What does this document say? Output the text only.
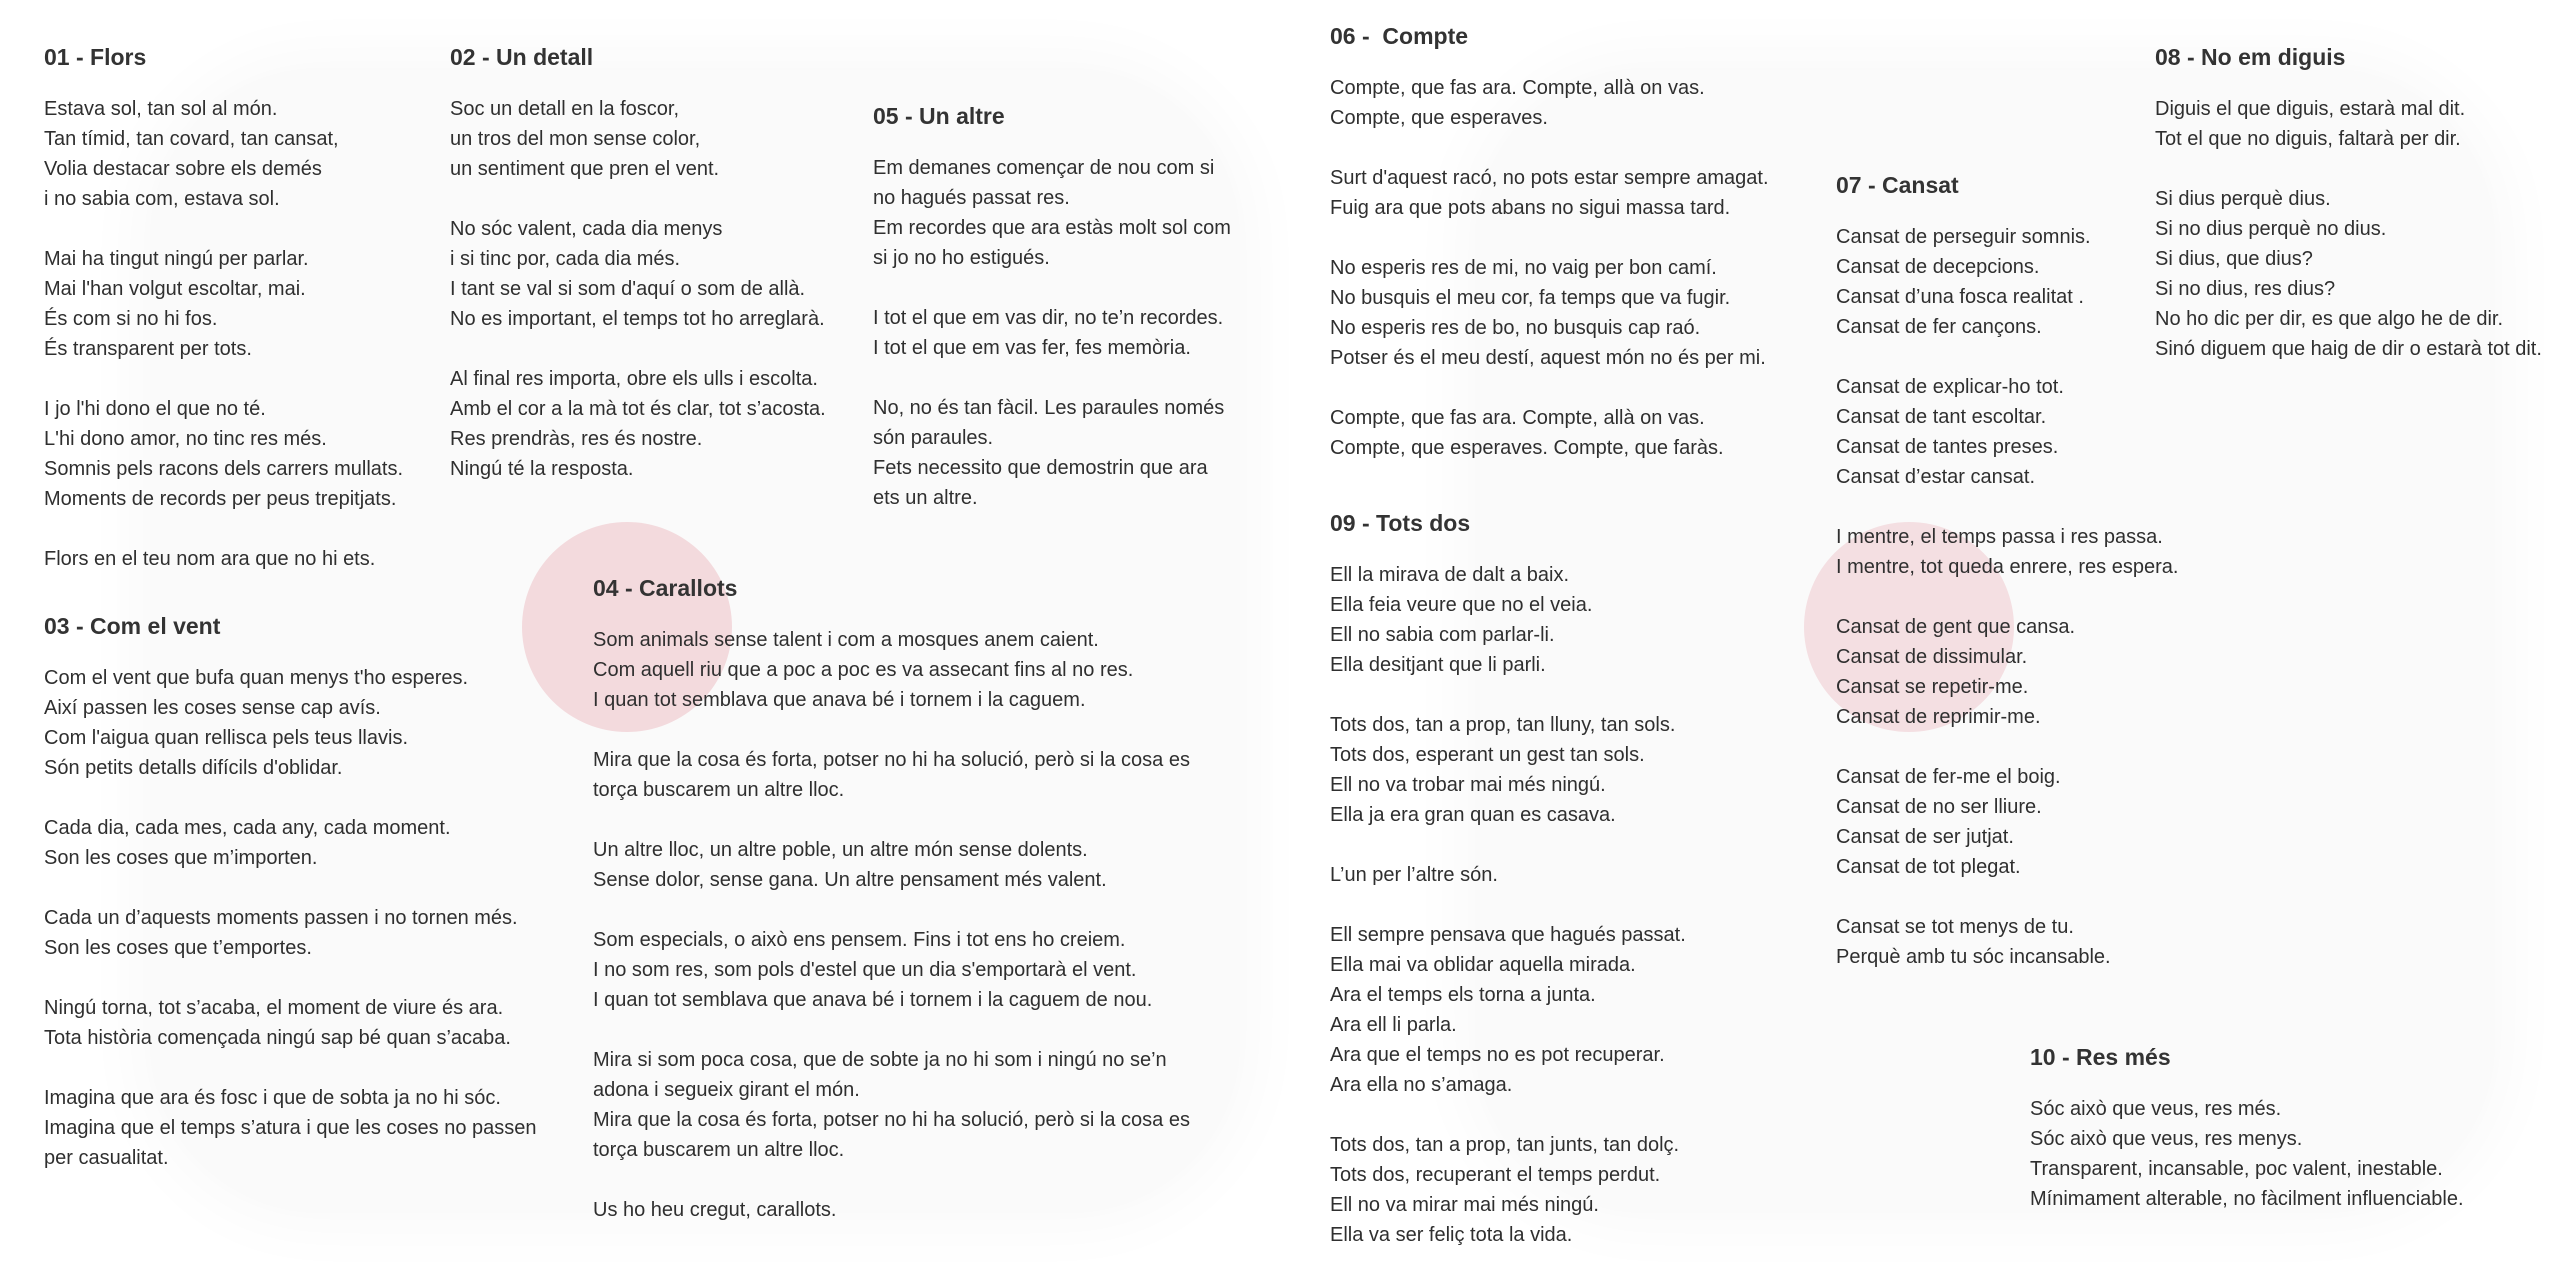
01 - Flors
Estava sol, tan sol al món.
Tan tímid, tan covard, tan cansat,
Volia destacar sobre els demés
i no sabia com, estava sol.
Mai ha tingut ningú per parlar.
Mai l'han volgut escoltar, mai.
És com si no hi fos.
És transparent per tots.
I jo l'hi dono el que no té.
L'hi dono amor, no tinc res més.
Somnis pels racons dels carrers mullats.
Moments de records per peus trepitjats.
Flors en el teu nom ara que no hi ets.
02 - Un detall
Soc un detall en la foscor,
un tros del mon sense color,
un sentiment que pren el vent.
No sóc valent, cada dia menys
i si tinc por, cada dia més.
I tant se val si som d'aquí o som de allà.
No es important, el temps tot ho arreglarà.
Al final res importa, obre els ulls i escolta.
Amb el cor a la mà tot és clar, tot s’acosta.
Res prendràs, res és nostre.
Ningú té la resposta.
03 - Com el vent
Com el vent que bufa quan menys t'ho esperes.
Així passen les coses sense cap avís.
Com l'aigua quan rellisca pels teus llavis.
Són petits detalls difícils d'oblidar.
Cada dia, cada mes, cada any, cada moment.
Son les coses que m’importen.
Cada un d’aquests moments passen i no tornen més.
Son les coses que t’emportes.
Ningú torna, tot s’acaba, el moment de viure és ara.
Tota història començada ningú sap bé quan s’acaba.
Imagina que ara és fosc i que de sobta ja no hi sóc.
Imagina que el temps s’atura i que les coses no passen
per casualitat.
04 - Carallots
Som animals sense talent i com a mosques anem caient.
Com aquell riu que a poc a poc es va assecant fins al no res.
I quan tot semblava que anava bé i tornem i la caguem.
Mira que la cosa és forta, potser no hi ha solució, però si la cosa es
torça buscarem un altre lloc.
Un altre lloc, un altre poble, un altre món sense dolents.
Sense dolor, sense gana. Un altre pensament més valent.
Som especials, o això ens pensem. Fins i tot ens ho creiem.
I no som res, som pols d'estel que un dia s'emportarà el vent.
I quan tot semblava que anava bé i tornem i la caguem de nou.
Mira si som poca cosa, que de sobte ja no hi som i ningú no se’n
adona i segueix girant el món.
Mira que la cosa és forta, potser no hi ha solució, però si la cosa es
torça buscarem un altre lloc.
Us ho heu cregut, carallots.
05 - Un altre
Em demanes començar de nou com si
no hagués passat res.
Em recordes que ara estàs molt sol com
si jo no ho estigués.
I tot el que em vas dir, no te’n recordes.
I tot el que em vas fer, fes memòria.
No, no és tan fàcil. Les paraules només
són paraules.
Fets necessito que demostrin que ara
ets un altre.
06 -  Compte
Compte, que fas ara. Compte, allà on vas.
Compte, que esperaves.
Surt d'aquest racó, no pots estar sempre amagat.
Fuig ara que pots abans no sigui massa tard.
No esperis res de mi, no vaig per bon camí.
No busquis el meu cor, fa temps que va fugir.
No esperis res de bo, no busquis cap raó.
Potser és el meu destí, aquest món no és per mi.
Compte, que fas ara. Compte, allà on vas.
Compte, que esperaves. Compte, que faràs.
07 - Cansat
Cansat de perseguir somnis.
Cansat de decepcions.
Cansat d’una fosca realitat .
Cansat de fer cançons.
Cansat de explicar-ho tot.
Cansat de tant escoltar.
Cansat de tantes preses.
Cansat d’estar cansat.
I mentre, el temps passa i res passa.
I mentre, tot queda enrere, res espera.
Cansat de gent que cansa.
Cansat de dissimular.
Cansat se repetir-me.
Cansat de reprimir-me.
Cansat de fer-me el boig.
Cansat de no ser lliure.
Cansat de ser jutjat.
Cansat de tot plegat.
Cansat se tot menys de tu.
Perquè amb tu sóc incansable.
08 - No em diguis
Diguis el que diguis, estarà mal dit.
Tot el que no diguis, faltarà per dir.
Si dius perquè dius.
Si no dius perquè no dius.
Si dius, que dius?
Si no dius, res dius?
No ho dic per dir, es que algo he de dir.
Sinó diguem que haig de dir o estarà tot dit.
09 - Tots dos
Ell la mirava de dalt a baix.
Ella feia veure que no el veia.
Ell no sabia com parlar-li.
Ella desitjant que li parli.
Tots dos, tan a prop, tan lluny, tan sols.
Tots dos, esperant un gest tan sols.
Ell no va trobar mai més ningú.
Ella ja era gran quan es casava.
L’un per l’altre són.
Ell sempre pensava que hagués passat.
Ella mai va oblidar aquella mirada.
Ara el temps els torna a junta.
Ara ell li parla.
Ara que el temps no es pot recuperar.
Ara ella no s’amaga.
Tots dos, tan a prop, tan junts, tan dolç.
Tots dos, recuperant el temps perdut.
Ell no va mirar mai més ningú.
Ella va ser feliç tota la vida.
10 - Res més
Sóc això que veus, res més.
Sóc això que veus, res menys.
Transparent, incansable, poc valent, inestable.
Mínimament alterable, no fàcilment influenciable.
